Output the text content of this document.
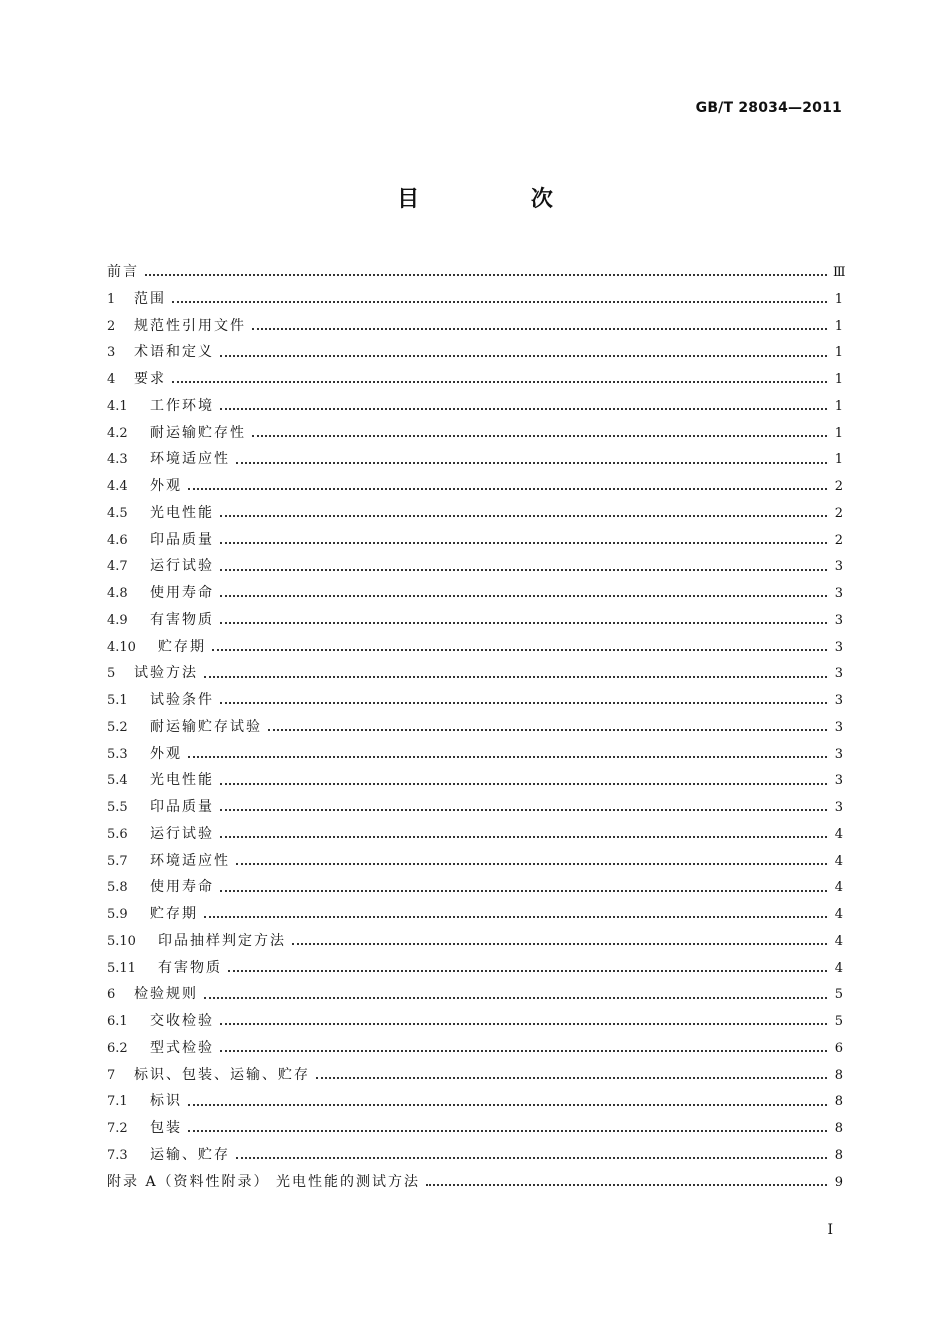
GB/T 28034—2011
目 次
前言	Ⅲ
1	范围	1
2	规范性引用文件	1
3	术语和定义	1
4	要求	1
4.1	工作环境	1
4.2	耐运输贮存性	1
4.3	环境适应性	1
4.4	外观	2
4.5	光电性能	2
4.6	印品质量	2
4.7	运行试验	3
4.8	使用寿命	3
4.9	有害物质	3
4.10	贮存期	3
5	试验方法	3
5.1	试验条件	3
5.2	耐运输贮存试验	3
5.3	外观	3
5.4	光电性能	3
5.5	印品质量	3
5.6	运行试验	4
5.7	环境适应性	4
5.8	使用寿命	4
5.9	贮存期	4
5.10	印品抽样判定方法	4
5.11	有害物质	4
6	检验规则	5
6.1	交收检验	5
6.2	型式检验	6
7	标识、包装、运输、贮存	8
7.1	标识	8
7.2	包装	8
7.3	运输、贮存	8
附录 A（资料性附录） 光电性能的测试方法	9
I
